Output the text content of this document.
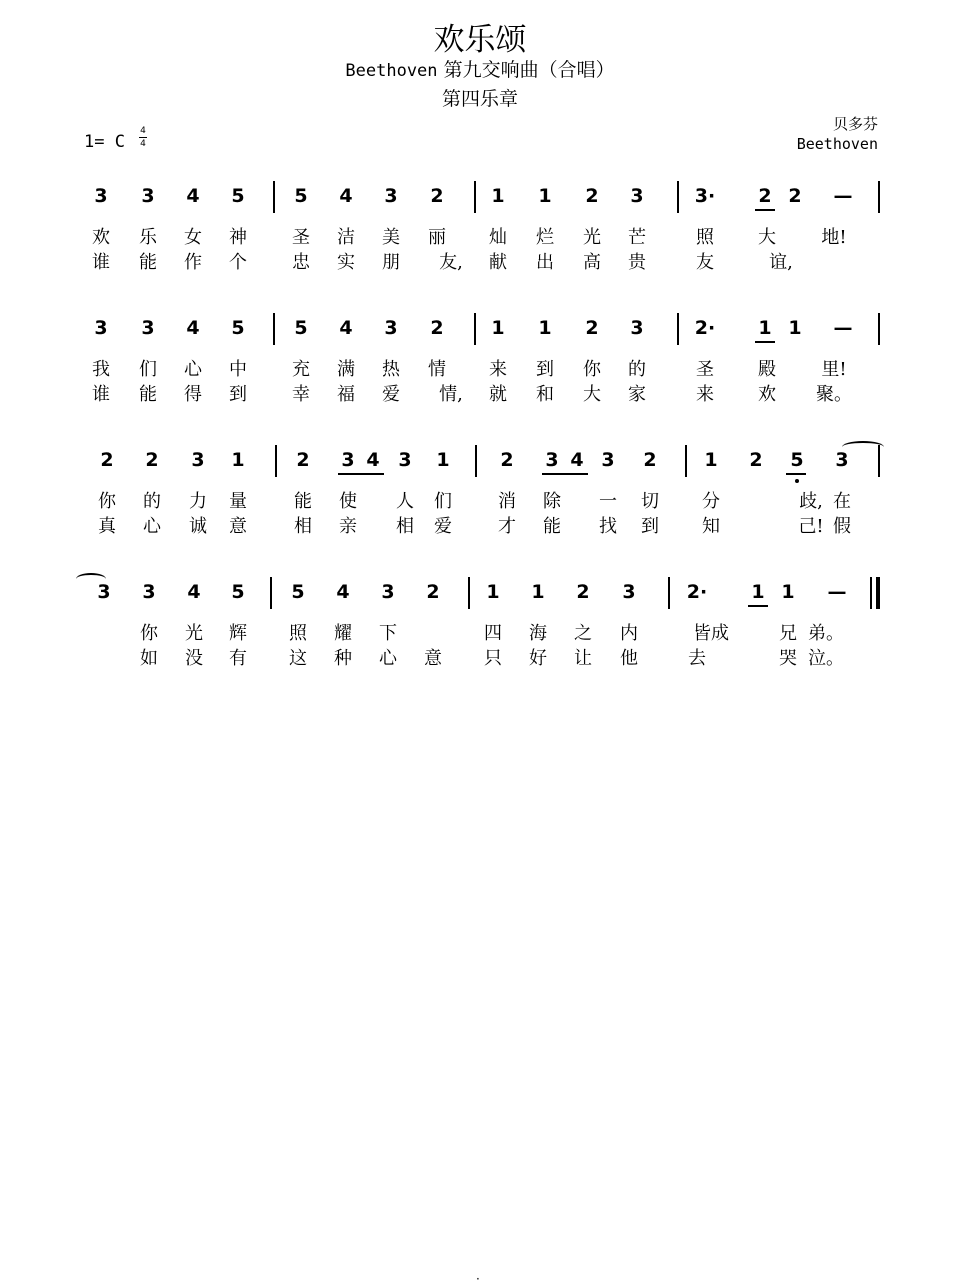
欢乐颂
Beethoven 第九交响曲（合唱）
第四乐章
1= C
4
4
贝多芬
Beethoven
3 3 4 5	5 4 3 2	1 1 2 3	3· 2 2 —
欢 乐 女 神	圣 洁 美 丽 灿 烂 光 芒	照 大	地!
谁 能 作 个	忠 实 朋	友,	献 出 高 贵	友	谊,
3 3 4 5	5 4 3 2	1 1 2 3	2· 1 1 —
我 们 心 中	充 满 热 情 来 到 你 的	圣 殿	里!
谁 能 得 到	幸 福 爱	情,	就 和 大 家	来 欢	聚。
2 2 3 1	2 3 4 3 1	2 3 4 3 2	1 2 5 3
你 的 力 量	能 使 人 们	消 除 一 切 分	歧, 在
真 心 诚 意	相 亲 相 爱	才 能 找 到 知	己! 假
3 3 4 5 5 4 3 2 1 1 2 3	2· 1 1 —
你 光 辉 照 耀 下	四 海 之 内	皆成	兄 弟。
如 没 有 这 种 心 意 只 好 让 他	去	哭 泣。
·
